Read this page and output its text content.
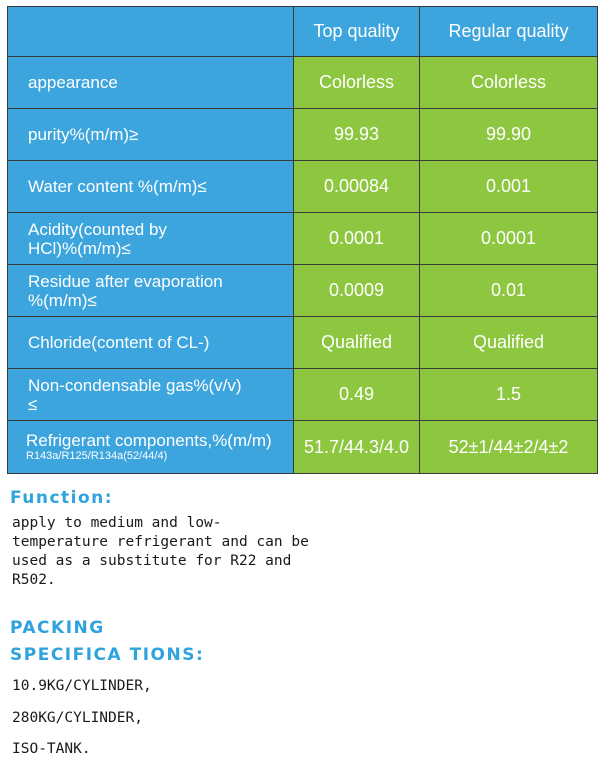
	Top quality	Regular quality
appearance	Colorless	Colorless
purity%(m/m)≥	99.93	99.90
Water content %(m/m)≤	0.00084	0.001
Acidity(counted by HCl)%(m/m)≤	0.0001	0.0001
Residue after evaporation %(m/m)≤	0.0009	0.01
Chloride(content of CL-)	Qualified	Qualified
Non-condensable gas%(v/v) ≤	0.49	1.5
Refrigerant components,%(m/m)
R143a/R125/R134a(52/44/4)	51.7/44.3/4.0	52±1/44±2/4±2
Function:

apply to medium and low-temperature refrigerant and can be used as a substitute for R22 and R502.

PACKING SPECIFICA TIONS:

10.9KG/CYLINDER,

280KG/CYLINDER,

ISO-TANK.
